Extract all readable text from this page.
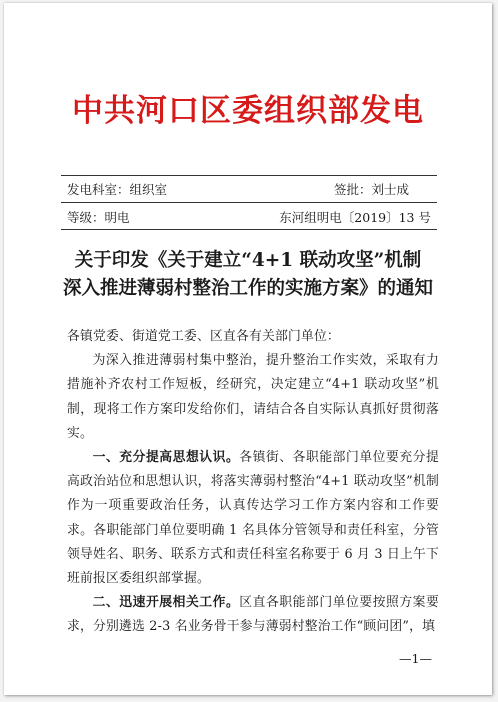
中共河口区委组织部发电
发电科室：组织室	签批：刘士成
等级：明电	东河组明电〔2019〕13 号
关于印发《关于建立“4+1 联动攻坚”机制
深入推进薄弱村整治工作的实施方案》的通知

各镇党委、街道党工委、区直各有关部门单位：

为深入推进薄弱村集中整治，提升整治工作实效，采取有力措施补齐农村工作短板，经研究，决定建立“4+1 联动攻坚”机制，现将工作方案印发给你们，请结合各自实际认真抓好贯彻落实。

一、充分提高思想认识。各镇街、各职能部门单位要充分提高政治站位和思想认识，将落实薄弱村整治“4+1 联动攻坚”机制作为一项重要政治任务，认真传达学习工作方案内容和工作要求。各职能部门单位要明确 1 名具体分管领导和责任科室，分管领导姓名、职务、联系方式和责任科室名称要于 6 月 3 日上午下班前报区委组织部掌握。

二、迅速开展相关工作。区直各职能部门单位要按照方案要求，分别遴选 2-3 名业务骨干参与薄弱村整治工作“顾问团”，填

—1—
